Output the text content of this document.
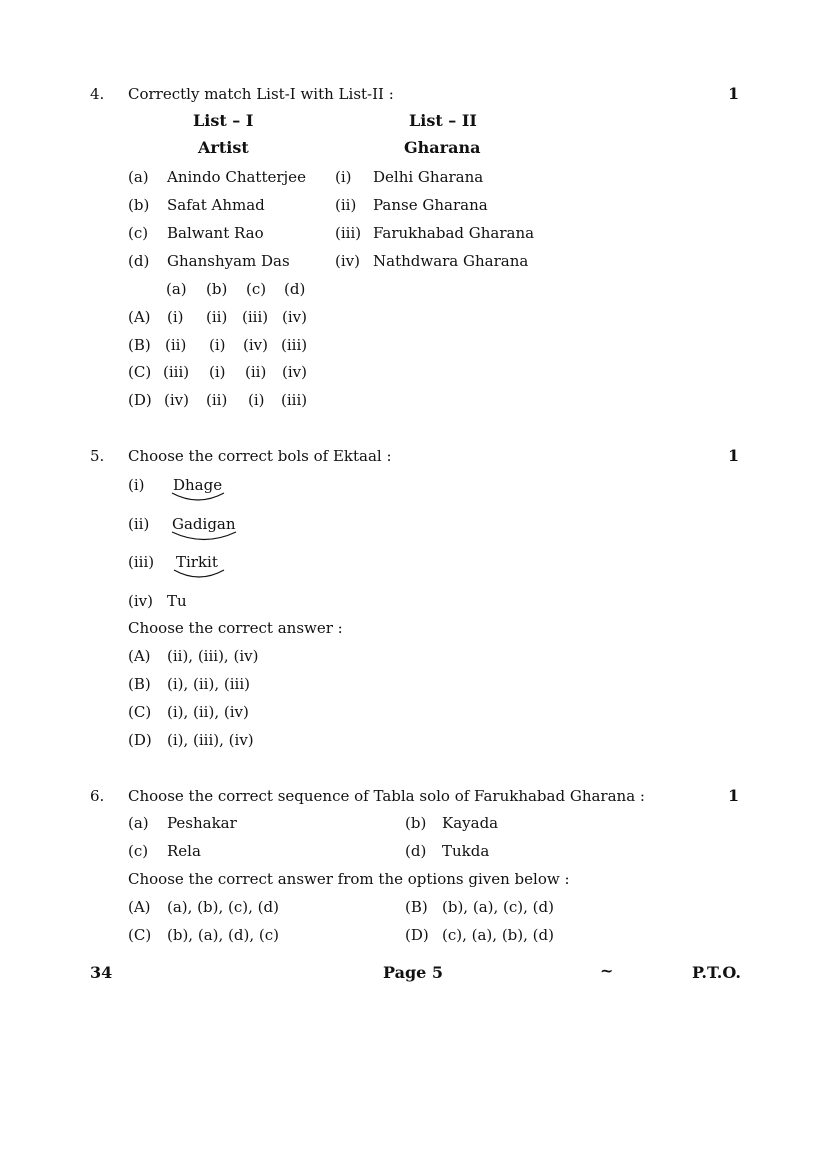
4. Correctly match List-I with List-II :	1
List – I
Artist
List – II
Gharana
(a) Anindo Chatterjee (i) Delhi Gharana
(b) Safat Ahmad	(ii) Panse Gharana
(c) Balwant Rao	(iii) Farukhabad Gharana
(d) Ghanshyam Das	(iv) Nathdwara Gharana
(a) (b) (c) (d)
(A) (i) (ii) (iii) (iv)
(B) (ii) (i) (iv) (iii)
(C) (iii) (i) (ii) (iv)
(D) (iv) (ii) (i) (iii)
5. Choose the correct bols of Ektaal :	1
(i) Dhage
(ii) Gadigan
(iii) Tirkit
(iv) Tu
Choose the correct answer :
(A) (ii), (iii), (iv)
(B) (i), (ii), (iii)
(C) (i), (ii), (iv)
(D) (i), (iii), (iv)
6. Choose the correct sequence of Tabla solo of Farukhabad Gharana :	1
(a) Peshakar	(b) Kayada
(c) Rela	(d) Tukda
Choose the correct answer from the options given below :
(A) (a), (b), (c), (d)	(B) (b), (a), (c), (d)
(C) (b), (a), (d), (c)	(D) (c), (a), (b), (d)
34	Page 5	~	P.T.O.
